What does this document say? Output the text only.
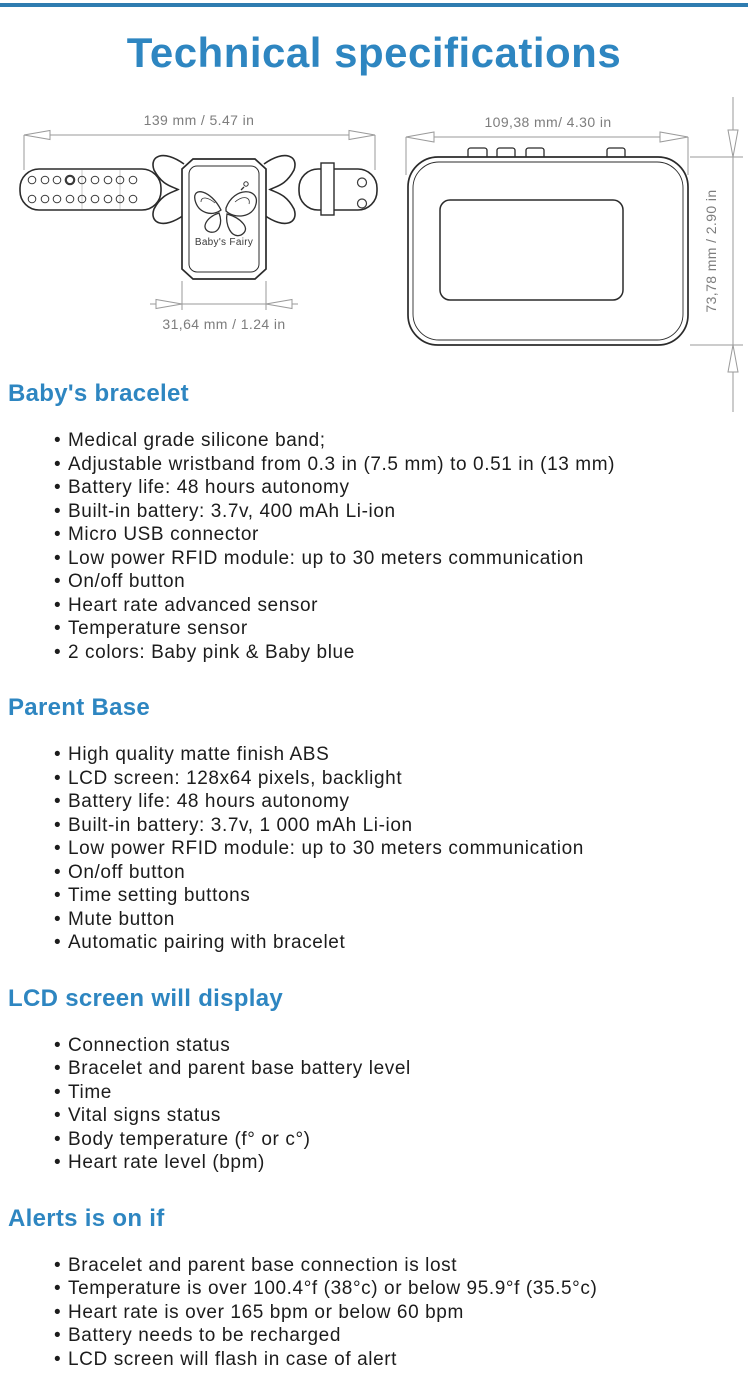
Technical specifications
139 mm / 5.47 in
Baby's Fairy
31,64 mm / 1.24 in
109,38 mm/ 4.30 in
73,78 mm / 2.90 in
Baby's bracelet
• Medical grade silicone band;
• Adjustable wristband from 0.3 in (7.5 mm) to 0.51 in (13 mm)
• Battery life: 48 hours autonomy
• Built-in battery: 3.7v, 400 mAh Li-ion
• Micro USB connector
• Low power RFID module: up to 30 meters communication
• On/off button
• Heart rate advanced sensor
• Temperature sensor
• 2 colors: Baby pink & Baby blue
Parent Base
• High quality matte finish ABS
• LCD screen: 128x64 pixels, backlight
• Battery life: 48 hours autonomy
• Built-in battery: 3.7v, 1 000 mAh Li-ion
• Low power RFID module: up to 30 meters communication
• On/off button
• Time setting buttons
• Mute button
• Automatic pairing with bracelet
LCD screen will display
• Connection status
• Bracelet and parent base battery level
• Time
• Vital signs status
• Body temperature (f° or c°)
• Heart rate level (bpm)
Alerts is on if
• Bracelet and parent base connection is lost
• Temperature is over 100.4°f (38°c) or below 95.9°f (35.5°c)
• Heart rate is over 165 bpm or below 60 bpm
• Battery needs to be recharged
• LCD screen will flash in case of alert
